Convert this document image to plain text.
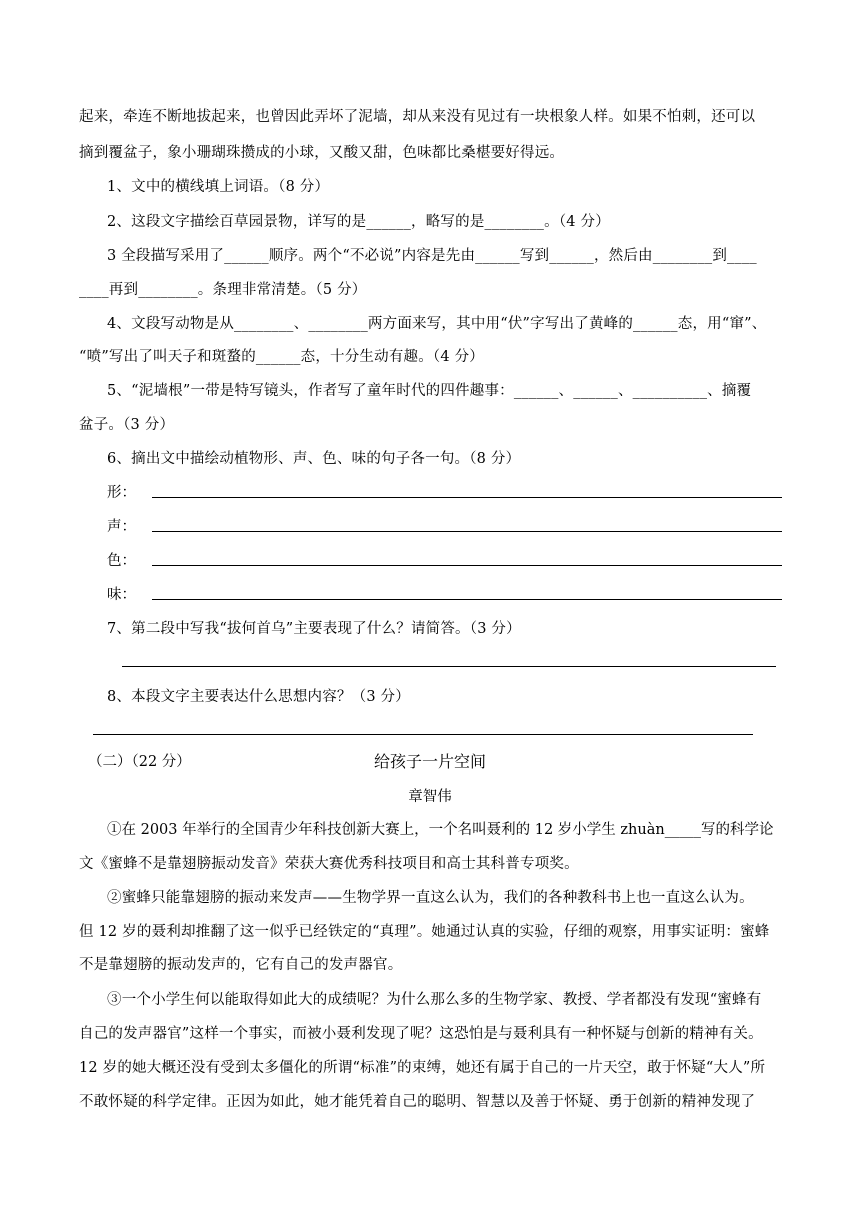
起来，牵连不断地拔起来，也曾因此弄坏了泥墙，却从来没有见过有一块根象人样。如果不怕刺，还可以
摘到覆盆子，象小珊瑚珠攒成的小球，又酸又甜，色味都比桑椹要好得远。
1、文中的横线填上词语。（8 分）
2、这段文字描绘百草园景物，详写的是______，略写的是________。（4 分）
3 全段描写采用了______顺序。两个“不必说”内容是先由______写到______，然后由________到____
____再到________。条理非常清楚。（5 分）
4、文段写动物是从________、________两方面来写，其中用“伏”字写出了黄峰的______态，用“窜”、
“喷”写出了叫天子和斑蝥的______态，十分生动有趣。（4 分）
5、“泥墙根”一带是特写镜头，作者写了童年时代的四件趣事：______、______、__________、摘覆
盆子。（3 分）
6、摘出文中描绘动植物形、声、色、味的句子各一句。（8 分）
形：
声：
色：
味：
7、第二段中写我“拔何首乌”主要表现了什么？请简答。（3 分）
8、本段文字主要表达什么思想内容？（3 分）
（二）（22 分）	给孩子一片空间
章智伟
①在 2003 年举行的全国青少年科技创新大赛上，一个名叫聂利的 12 岁小学生 zhuàn_____写的科学论
文《蜜蜂不是靠翅膀振动发音》荣获大赛优秀科技项目和高士其科普专项奖。
②蜜蜂只能靠翅膀的振动来发声——生物学界一直这么认为，我们的各种教科书上也一直这么认为。
但 12 岁的聂利却推翻了这一似乎已经铁定的“真理”。她通过认真的实验，仔细的观察，用事实证明：蜜蜂
不是靠翅膀的振动发声的，它有自己的发声器官。
③一个小学生何以能取得如此大的成绩呢？为什么那么多的生物学家、教授、学者都没有发现“蜜蜂有
自己的发声器官”这样一个事实，而被小聂利发现了呢？这恐怕是与聂利具有一种怀疑与创新的精神有关。
12 岁的她大概还没有受到太多僵化的所谓“标准”的束缚，她还有属于自己的一片天空，敢于怀疑“大人”所
不敢怀疑的科学定律。正因为如此，她才能凭着自己的聪明、智慧以及善于怀疑、勇于创新的精神发现了
